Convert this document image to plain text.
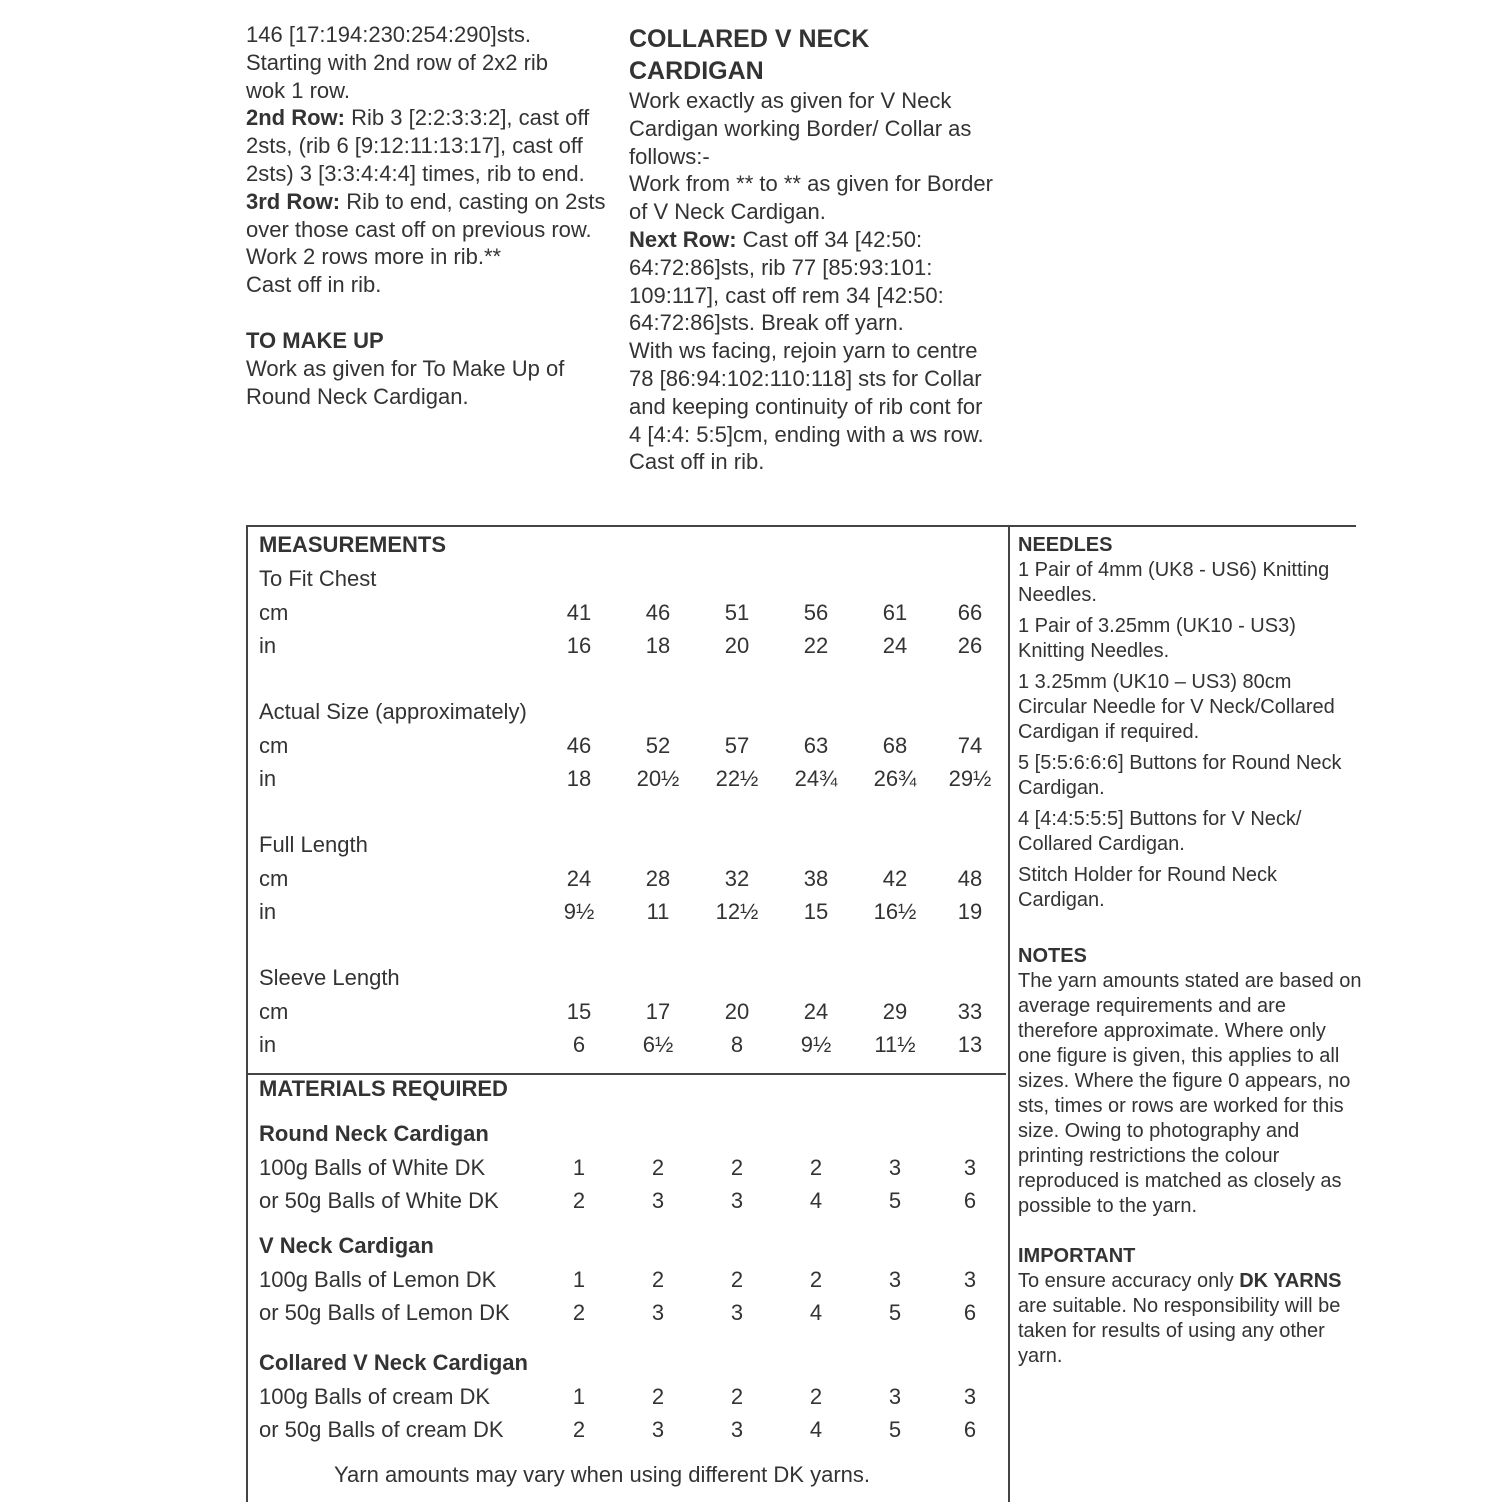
146 [17:194:230:254:290]sts.

Starting with 2nd row of 2x2 rib

wok 1 row.

2nd Row: Rib 3 [2:2:3:3:2], cast off 2sts, (rib 6 [9:12:11:13:17], cast off 2sts) 3 [3:3:4:4:4] times, rib to end.

3rd Row: Rib to end, casting on 2sts over those cast off on previous row.

Work 2 rows more in rib.**

Cast off in rib.

TO MAKE UP

Work as given for To Make Up of Round Neck Cardigan.

COLLARED V NECK

CARDIGAN

Work exactly as given for V Neck Cardigan working Border/ Collar as follows:-

Work from ** to ** as given for Border of V Neck Cardigan.

Next Row: Cast off 34 [42:50: 64:72:86]sts, rib 77 [85:93:101: 109:117], cast off rem 34 [42:50: 64:72:86]sts. Break off yarn.

With ws facing, rejoin yarn to centre 78 [86:94:102:110:118] sts for Collar and keeping continuity of rib cont for 4 [4:4: 5:5]cm, ending with a ws row.

Cast off in rib.

MEASUREMENTS
To Fit Chest
cm	41	46	51	56	61	66
in	16	18	20	22	24	26
Actual Size (approximately)
cm	46	52	57	63	68	74
in	18	20½	22½	24¾	26¾	29½
Full Length
cm	24	28	32	38	42	48
in	9½	11	12½	15	16½	19
Sleeve Length
cm	15	17	20	24	29	33
in	6	6½	8	9½	11½	13
MATERIALS REQUIRED
Round Neck Cardigan
100g Balls of White DK	1	2	2	2	3	3
or 50g Balls of White DK	2	3	3	4	5	6
V Neck Cardigan
100g Balls of Lemon DK	1	2	2	2	3	3
or 50g Balls of Lemon DK	2	3	3	4	5	6
Collared V Neck Cardigan
100g Balls of cream DK	1	2	2	2	3	3
or 50g Balls of cream DK	2	3	3	4	5	6
Yarn amounts may vary when using different DK yarns.

NEEDLES

1 Pair of 4mm (UK8 - US6) Knitting Needles.

1 Pair of 3.25mm (UK10 - US3) Knitting Needles.

1 3.25mm (UK10 – US3) 80cm Circular Needle for V Neck/Collared Cardigan if required.

5 [5:5:6:6:6] Buttons for Round Neck Cardigan.

4 [4:4:5:5:5] Buttons for V Neck/ Collared Cardigan.

Stitch Holder for Round Neck Cardigan.

NOTES

The yarn amounts stated are based on average requirements and are therefore approximate. Where only one figure is given, this applies to all sizes. Where the figure 0 appears, no sts, times or rows are worked for this size. Owing to photography and printing restrictions the colour reproduced is matched as closely as possible to the yarn.

IMPORTANT

To ensure accuracy only DK YARNS are suitable. No responsibility will be taken for results of using any other yarn.
